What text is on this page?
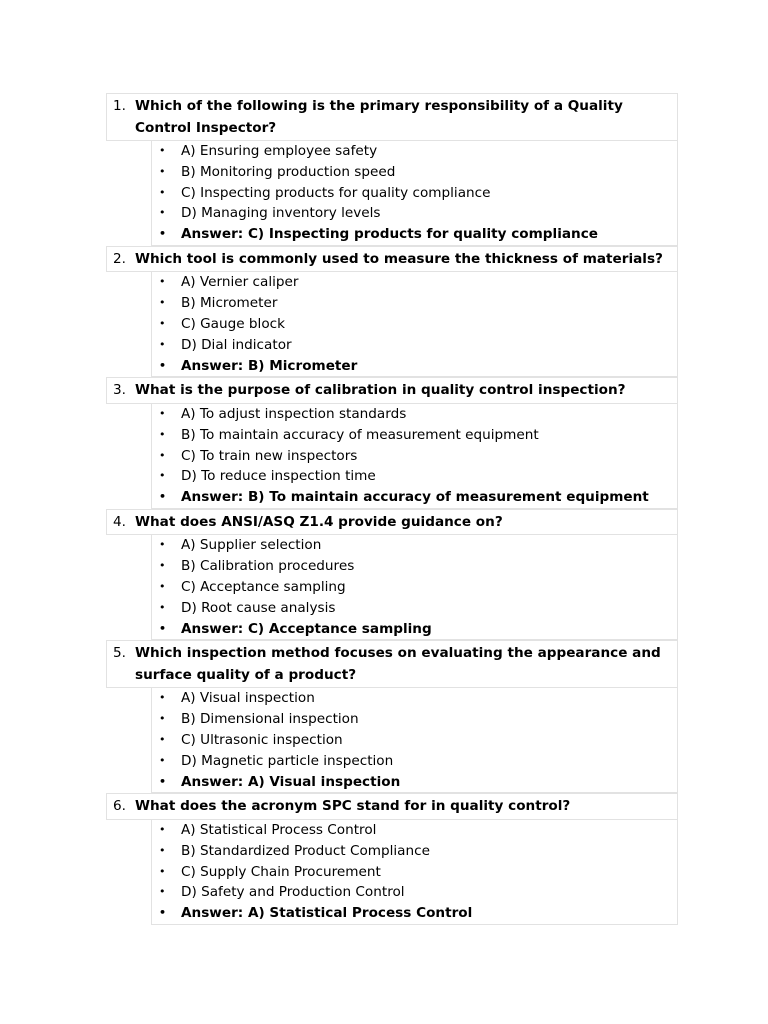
1. Which of the following is the primary responsibility of a Quality Control Inspector?
• A) Ensuring employee safety
• B) Monitoring production speed
• C) Inspecting products for quality compliance
• D) Managing inventory levels
• Answer: C) Inspecting products for quality compliance
2. Which tool is commonly used to measure the thickness of materials?
• A) Vernier caliper
• B) Micrometer
• C) Gauge block
• D) Dial indicator
• Answer: B) Micrometer
3. What is the purpose of calibration in quality control inspection?
• A) To adjust inspection standards
• B) To maintain accuracy of measurement equipment
• C) To train new inspectors
• D) To reduce inspection time
• Answer: B) To maintain accuracy of measurement equipment
4. What does ANSI/ASQ Z1.4 provide guidance on?
• A) Supplier selection
• B) Calibration procedures
• C) Acceptance sampling
• D) Root cause analysis
• Answer: C) Acceptance sampling
5. Which inspection method focuses on evaluating the appearance and surface quality of a product?
• A) Visual inspection
• B) Dimensional inspection
• C) Ultrasonic inspection
• D) Magnetic particle inspection
• Answer: A) Visual inspection
6. What does the acronym SPC stand for in quality control?
• A) Statistical Process Control
• B) Standardized Product Compliance
• C) Supply Chain Procurement
• D) Safety and Production Control
• Answer: A) Statistical Process Control
